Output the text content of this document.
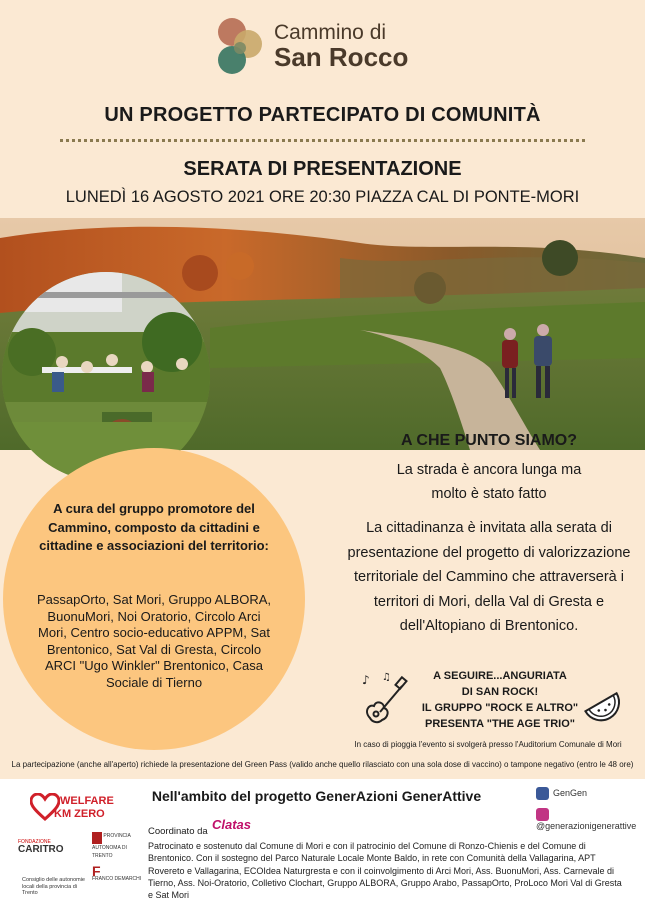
Cammino di
San Rocco
UN PROGETTO PARTECIPATO DI COMUNITÀ
SERATA DI PRESENTAZIONE
LUNEDÌ 16 AGOSTO 2021 ORE 20:30 PIAZZA CAL DI PONTE-MORI
A cura del gruppo promotore del Cammino, composto da cittadini e cittadine e associazioni del territorio:
PassapOrto, Sat Mori, Gruppo ALBORA, BuonuMori, Noi Oratorio, Circolo Arci Mori, Centro socio-educativo APPM, Sat Brentonico, Sat Val di Gresta, Circolo ARCI "Ugo Winkler" Brentonico, Casa Sociale di Tierno
A CHE PUNTO SIAMO?
La strada è ancora lunga ma
molto è stato fatto
La cittadinanza è invitata alla serata di presentazione del progetto di valorizzazione territoriale del Cammino che attraverserà i territori di Mori, della Val di Gresta e dell'Altopiano di Brentonico.
♪ ♫	A SEGUIRE...ANGURIATA
DI SAN ROCK!
IL GRUPPO "ROCK E ALTRO"
PRESENTA "THE AGE TRIO"
In caso di pioggia l'evento si svolgerà presso l'Auditorium Comunale di Mori
La partecipazione (anche all'aperto) richiede la presentazione del Green Pass (valido anche quello rilasciato con una sola dose di vaccino) o tampone negativo (entro le 48 ore)
WELFARE
KM ZERO
Nell'ambito del progetto GenerAzioni GenerAttive	GenGen
@generazionigenerattive
FONDAZIONE
CARITRO
PROVINCIA AUTONOMA DI TRENTO
Consiglio delle autonomie locali della provincia di Trento
F
FRANCO DEMARCHI
Coordinato da Clatas
Patrocinato e sostenuto dal Comune di Mori e con il patrocinio del Comune di Ronzo-Chienis e del Comune di Brentonico. Con il sostegno del Parco Naturale Locale Monte Baldo, in rete con Comunità della Vallagarina, APT Rovereto e Vallagarina, ECOIdea Naturgresta e con il coinvolgimento di Arci Mori, Ass. BuonuMori, Ass. Carnevale di Tierno, Ass. Noi-Oratorio, Colletivo Clochart, Gruppo ALBORA, Gruppo Arabo, PassapOrto, ProLoco Mori Val di Gresta e Sat Mori
